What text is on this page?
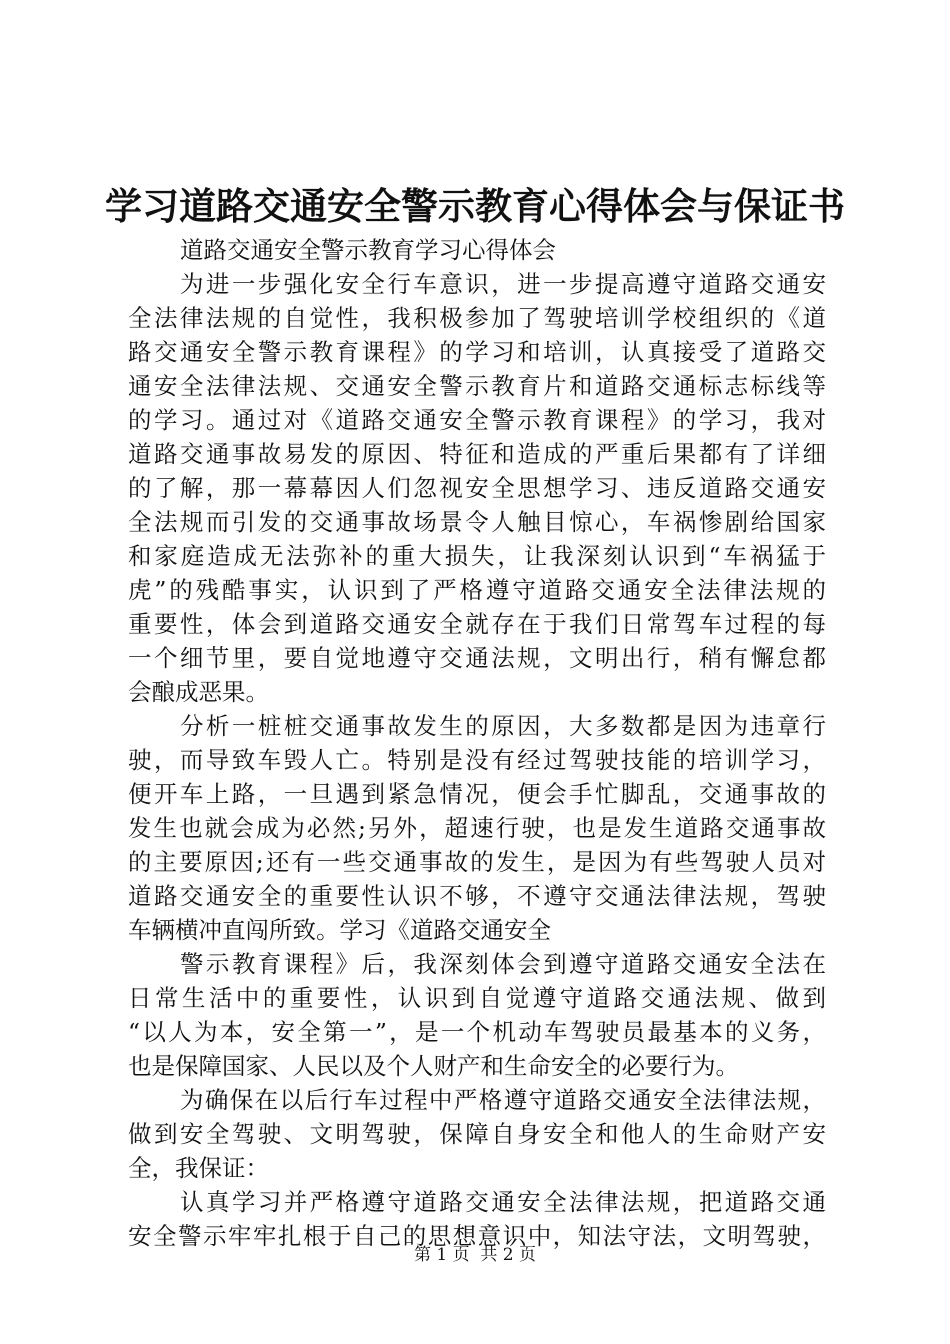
学习道路交通安全警示教育心得体会与保证书
道路交通安全警示教育学习心得体会
为进一步强化安全行车意识，进一步提高遵守道路交通安
全法律法规的自觉性，我积极参加了驾驶培训学校组织的《道
路交通安全警示教育课程》的学习和培训，认真接受了道路交
通安全法律法规、交通安全警示教育片和道路交通标志标线等
的学习。通过对《道路交通安全警示教育课程》的学习，我对
道路交通事故易发的原因、特征和造成的严重后果都有了详细
的了解，那一幕幕因人们忽视安全思想学习、违反道路交通安
全法规而引发的交通事故场景令人触目惊心，车祸惨剧给国家
和家庭造成无法弥补的重大损失，让我深刻认识到“车祸猛于
虎”的残酷事实，认识到了严格遵守道路交通安全法律法规的
重要性，体会到道路交通安全就存在于我们日常驾车过程的每
一个细节里，要自觉地遵守交通法规，文明出行，稍有懈怠都
会酿成恶果。
分析一桩桩交通事故发生的原因，大多数都是因为违章行
驶，而导致车毁人亡。特别是没有经过驾驶技能的培训学习，
便开车上路，一旦遇到紧急情况，便会手忙脚乱，交通事故的
发生也就会成为必然;另外，超速行驶，也是发生道路交通事故
的主要原因;还有一些交通事故的发生，是因为有些驾驶人员对
道路交通安全的重要性认识不够，不遵守交通法律法规，驾驶
车辆横冲直闯所致。学习《道路交通安全
警示教育课程》后，我深刻体会到遵守道路交通安全法在
日常生活中的重要性，认识到自觉遵守道路交通法规、做到
“以人为本，安全第一”，是一个机动车驾驶员最基本的义务，
也是保障国家、人民以及个人财产和生命安全的必要行为。
为确保在以后行车过程中严格遵守道路交通安全法律法规，
做到安全驾驶、文明驾驶，保障自身安全和他人的生命财产安
全，我保证：
认真学习并严格遵守道路交通安全法律法规，把道路交通
安全警示牢牢扎根于自己的思想意识中，知法守法，文明驾驶，
第 1 页  共 2 页
